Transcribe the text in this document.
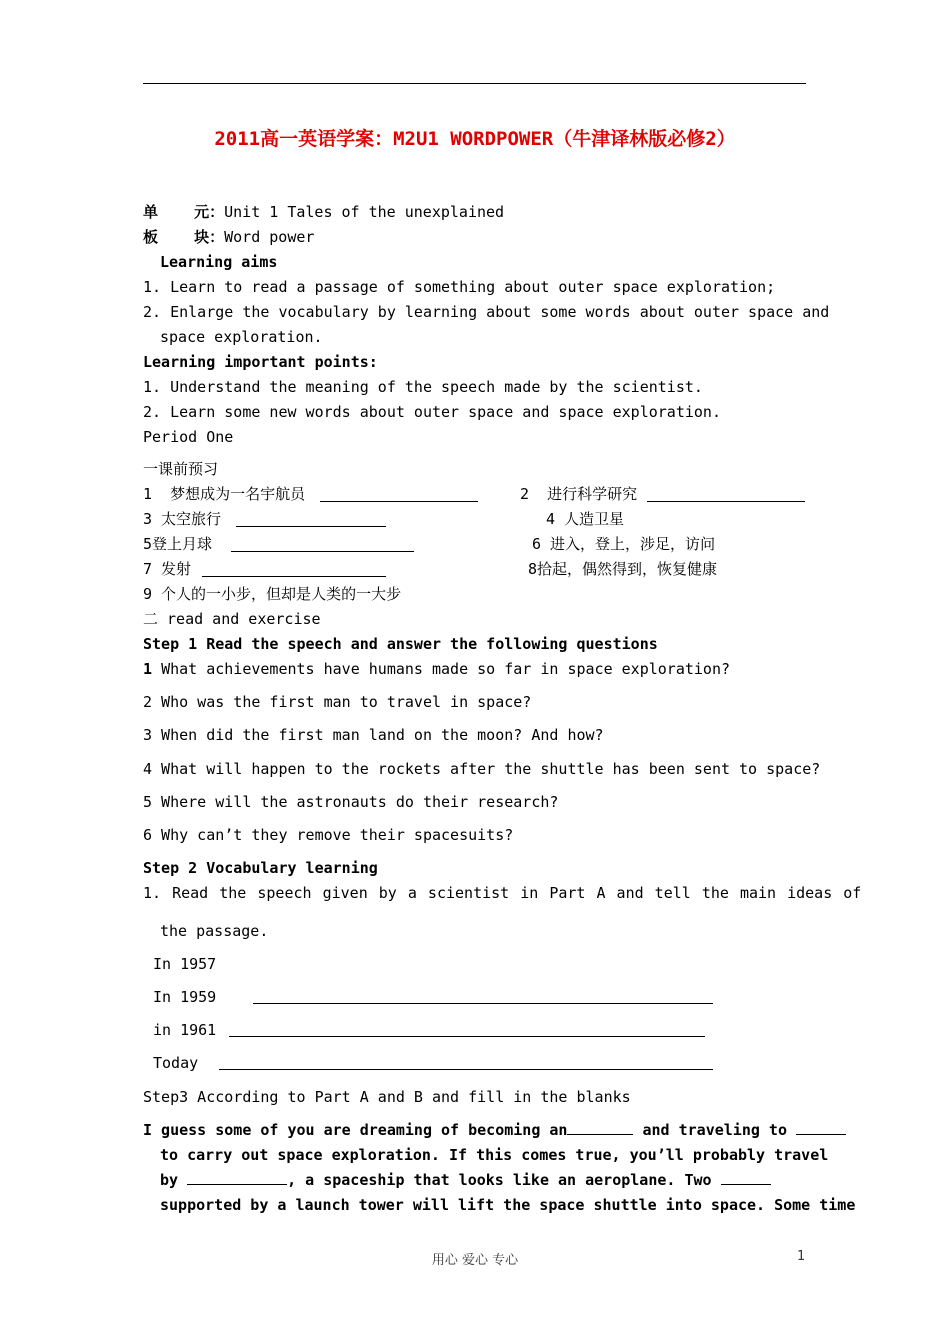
2011高一英语学案：M2U1 WORDPOWER（牛津译林版必修2）
单    元：Unit 1 Tales of the unexplained
板    块：Word power
Learning aims
1. Learn to read a passage of something about outer space exploration;
2. Enlarge the vocabulary by learning about some words about outer space and
space exploration.
Learning important points:
1. Understand the meaning of the speech made by the scientist.
2. Learn some new words about outer space and space exploration.
Period One
一课前预习
1  梦想成为一名宇航员	2  进行科学研究
3 太空旅行	4 人造卫星
5登上月球	6 进入，登上，涉足，访问
7 发射	8拾起，偶然得到，恢复健康
9 个人的一小步，但却是人类的一大步
二 read and exercise
Step 1 Read the speech and answer the following questions
1 What achievements have humans made so far in space exploration?
2 Who was the first man to travel in space?
3 When did the first man land on the moon? And how?
4 What will happen to the rockets after the shuttle has been sent to space?
5 Where will the astronauts do their research?
6 Why can’t they remove their spacesuits?
Step 2 Vocabulary learning
1. Read the speech given by a scientist in Part A and tell the main ideas of
the passage.
In 1957
In 1959
in 1961
Today
Step3 According to Part A and B and fill in the blanks
I guess some of you are dreaming of becoming an	and traveling to
to carry out space exploration. If this comes true, you’ll probably travel
by	, a spaceship that looks like an aeroplane. Two
supported by a launch tower will lift the space shuttle into space. Some time
用心 爱心 专心	1
